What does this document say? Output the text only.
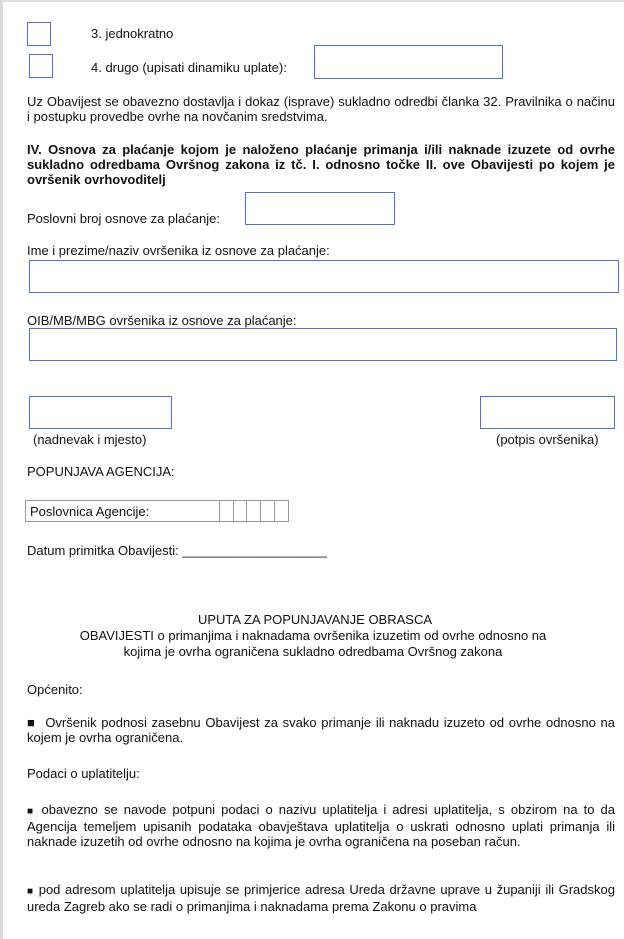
3. jednokratno
4. drugo (upisati dinamiku uplate):
Uz Obavijest se obavezno dostavlja i dokaz (isprave) sukladno odredbi članka 32. Pravilnika o načinu i postupku provedbe ovrhe na novčanim sredstvima.
IV. Osnova za plaćanje kojom je naloženo plaćanje primanja i/ili naknade izuzete od ovrhe sukladno odredbama Ovršnog zakona iz tč. I. odnosno točke II. ove Obavijesti po kojem je ovršenik ovrhovoditelj
Poslovni broj osnove za plaćanje:
Ime i prezime/naziv ovršenika iz osnove za plaćanje:
OIB/MB/MBG ovršenika iz osnove za plaćanje:
(nadnevak i mjesto)	(potpis ovršenika)
POPUNJAVA AGENCIJA:
Poslovnica Agencije:
Datum primitka Obavijesti: ____________________
UPUTA ZA POPUNJAVANJE OBRASCA
OBAVIJESTI o primanjima i naknadama ovršenika izuzetim od ovrhe odnosno na kojima je ovrha ograničena sukladno odredbama Ovršnog zakona
Općenito:
■ Ovršenik podnosi zasebnu Obavijest za svako primanje ili naknadu izuzeto od ovrhe odnosno na kojem je ovrha ograničena.
Podaci o uplatitelju:
■ obavezno se navode potpuni podaci o nazivu uplatitelja i adresi uplatitelja, s obzirom na to da Agencija temeljem upisanih podataka obavještava uplatitelja o uskrati odnosno uplati primanja ili naknade izuzetih od ovrhe odnosno na kojima je ovrha ograničena na poseban račun.
■ pod adresom uplatitelja upisuje se primjerice adresa Ureda državne uprave u županiji ili Gradskog ureda Zagreb ako se radi o primanjima i naknadama prema Zakonu o pravima
